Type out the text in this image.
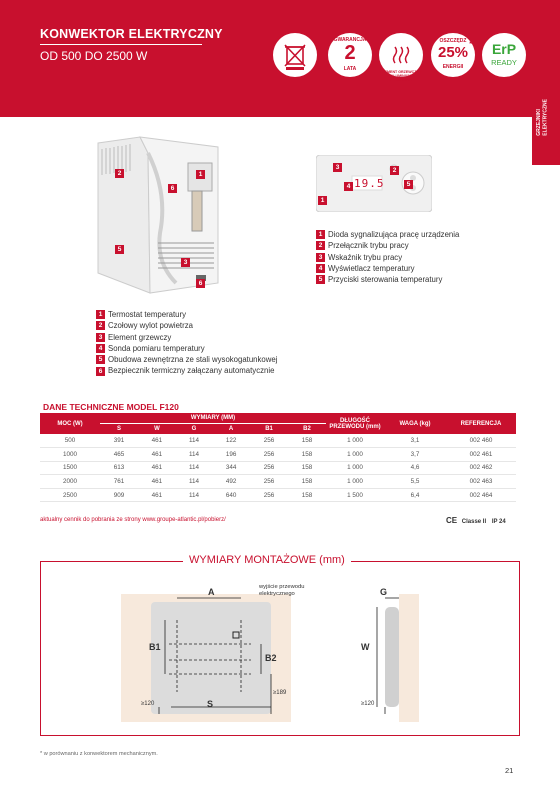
KONWEKTOR ELEKTRYCZNY
OD 500 DO 2500 W
GWARANCJA
2
LATA	ELEMENT GRZEWCZY Z ALUMINIUM SYLUMINOWE
OSZCZĘDZ
25%
ENERGII
*	ErP
READY
GRZEJNIKI
ELEKTRYCZNE
2
6
1
5
3
6
19.5
3	2
4	5
1
1 Dioda sygnalizująca pracę urządzenia
2 Przełącznik trybu pracy
3 Wskaźnik trybu pracy
4 Wyświetlacz temperatury
5 Przyciski sterowania temperatury
1 Termostat temperatury
2 Czołowy wylot powietrza
3 Element grzewczy
4 Sonda pomiaru temperatury
5 Obudowa zewnętrzna ze stali wysokogatunkowej
6 Bezpiecznik termiczny załączany automatycznie
DANE TECHNICZNE MODEL F120
MOC (W)	WYMIARY (MM)						DŁUGOŚĆ PRZEWODU (mm)	WAGA (kg)	REFERENCJA
	S	W	G	A	B1	B2			
500	391	461	114	122	256	158	1 000	3,1	002 460
1000	465	461	114	196	256	158	1 000	3,7	002 461
1500	613	461	114	344	256	158	1 000	4,6	002 462
2000	761	461	114	492	256	158	1 000	5,5	002 463
2500	909	461	114	640	256	158	1 500	6,4	002 464
aktualny cennik do pobrania ze strony www.groupe-atlantic.pl/pobierz/	CE Classe II IP 24
WYMIARY MONTAŻOWE (mm)
A
B1
B2
S
W
G
wyjście przewodu elektrycznego
≥189
≥120	≥120
* w porównaniu z konwektorem mechanicznym.
21
